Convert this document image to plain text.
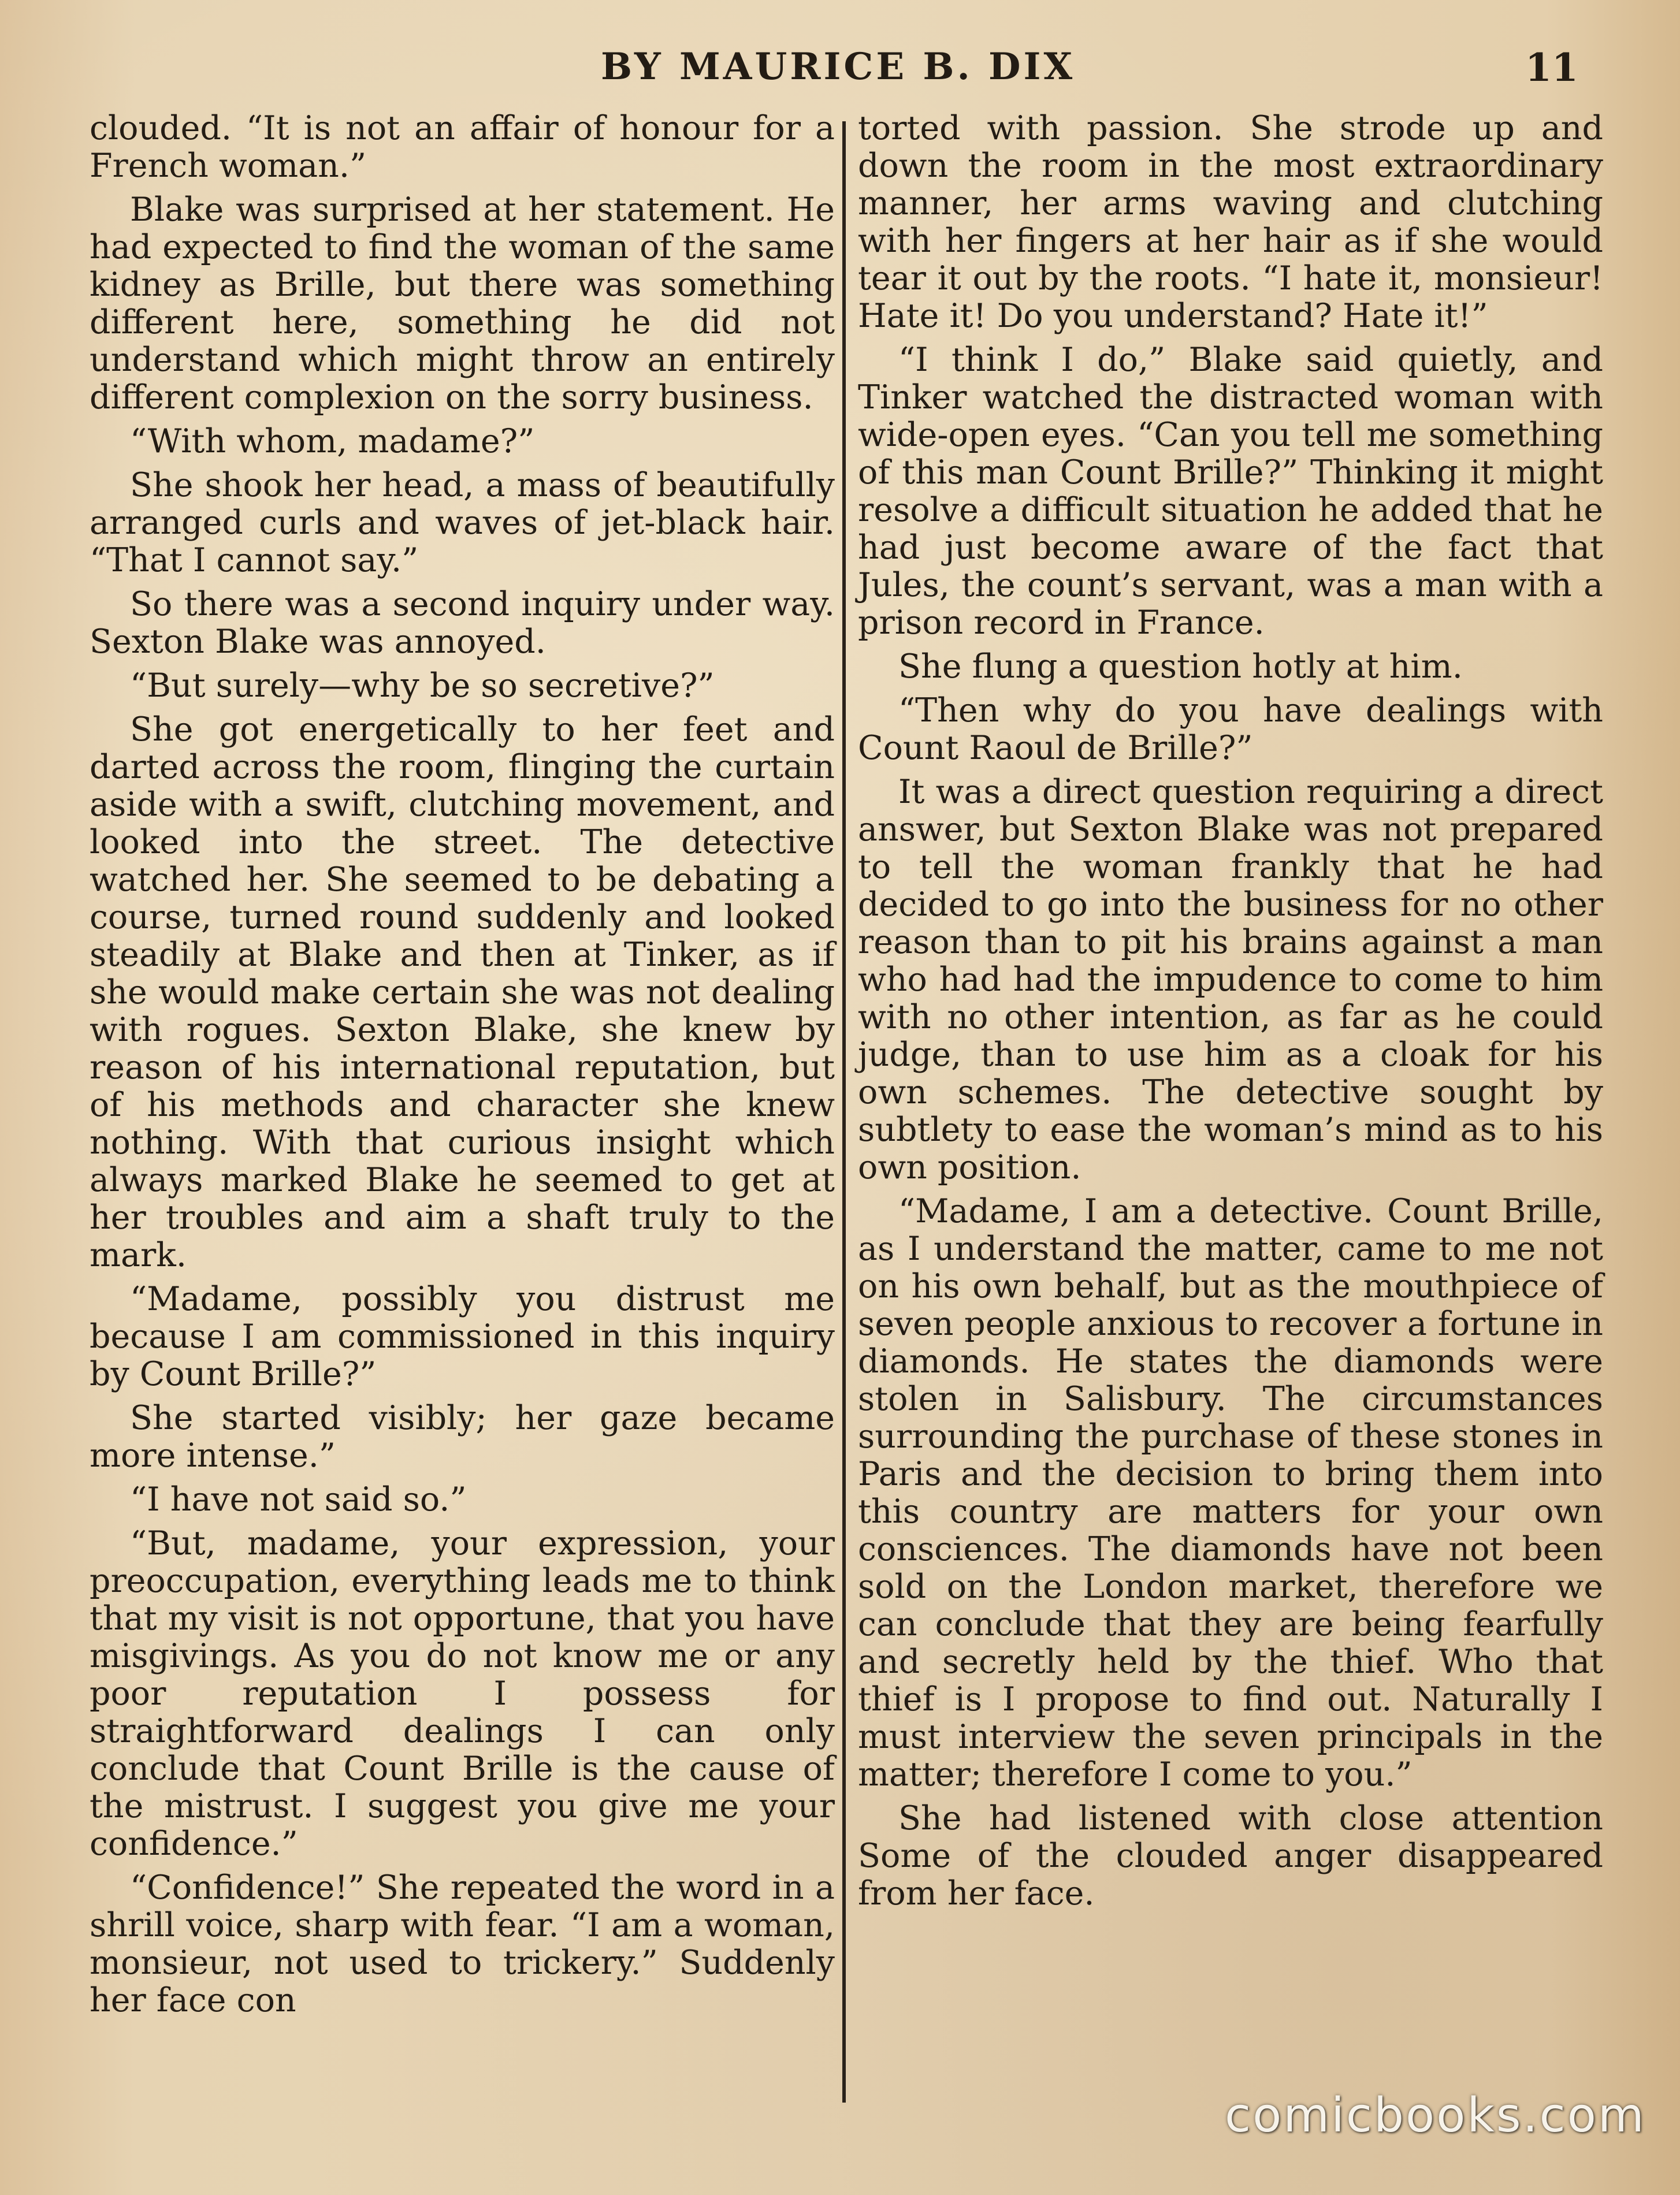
BY MAURICE B. DIX	11

clouded. “It is not an affair of honour for a French woman.”

Blake was surprised at her statement. He had expected to find the woman of the same kidney as Brille, but there was something different here, something he did not understand which might throw an entirely different complexion on the sorry business.

“With whom, madame?”

She shook her head, a mass of beautifully arranged curls and waves of jet-black hair. “That I cannot say.”

So there was a second inquiry under way. Sexton Blake was annoyed.

“But surely—why be so secretive?”

She got energetically to her feet and darted across the room, flinging the curtain aside with a swift, clutching movement, and looked into the street. The detective watched her. She seemed to be debating a course, turned round suddenly and looked steadily at Blake and then at Tinker, as if she would make certain she was not dealing with rogues. Sexton Blake, she knew by reason of his international reputation, but of his methods and character she knew nothing. With that curious insight which always marked Blake he seemed to get at her troubles and aim a shaft truly to the mark.

“Madame, possibly you distrust me because I am commissioned in this inquiry by Count Brille?”

She started visibly; her gaze became more intense.”

“I have not said so.”

“But, madame, your expression, your preoccupation, everything leads me to think that my visit is not opportune, that you have misgivings. As you do not know me or any poor reputation I possess for straightforward dealings I can only conclude that Count Brille is the cause of the mistrust. I suggest you give me your confidence.”

“Confidence!” She repeated the word in a shrill voice, sharp with fear. “I am a woman, monsieur, not used to trickery.” Suddenly her face con

torted with passion. She strode up and down the room in the most extraordinary manner, her arms waving and clutching with her fingers at her hair as if she would tear it out by the roots. “I hate it, monsieur! Hate it! Do you understand? Hate it!”

“I think I do,” Blake said quietly, and Tinker watched the distracted woman with wide-open eyes. “Can you tell me something of this man Count Brille?” Thinking it might resolve a difficult situation he added that he had just become aware of the fact that Jules, the count’s servant, was a man with a prison record in France.

She flung a question hotly at him.

“Then why do you have dealings with Count Raoul de Brille?”

It was a direct question requiring a direct answer, but Sexton Blake was not prepared to tell the woman frankly that he had decided to go into the business for no other reason than to pit his brains against a man who had had the impudence to come to him with no other intention, as far as he could judge, than to use him as a cloak for his own schemes. The detective sought by subtlety to ease the woman’s mind as to his own position.

“Madame, I am a detective. Count Brille, as I understand the matter, came to me not on his own behalf, but as the mouthpiece of seven people anxious to recover a fortune in diamonds. He states the diamonds were stolen in Salisbury. The circumstances surrounding the purchase of these stones in Paris and the decision to bring them into this country are matters for your own consciences. The diamonds have not been sold on the London market, therefore we can conclude that they are being fearfully and secretly held by the thief. Who that thief is I propose to find out. Naturally I must interview the seven principals in the matter; therefore I come to you.”

She had listened with close attention Some of the clouded anger disappeared from her face.

comicbooks.com
